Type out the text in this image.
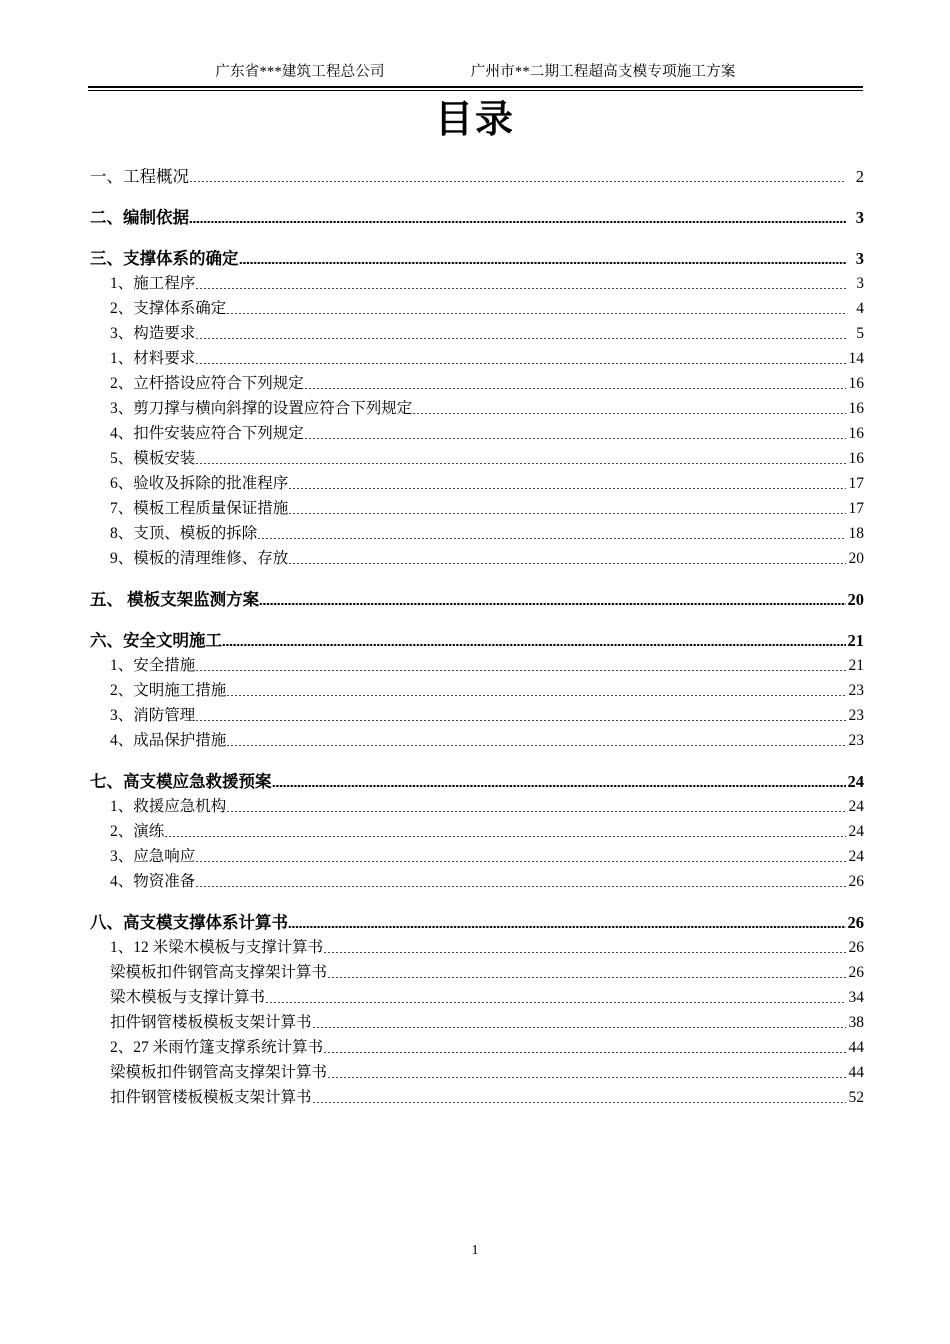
广东省***建筑工程总公司	广州市**二期工程超高支模专项施工方案
目录
一、工程概况	2
二、编制依据	3
三、支撑体系的确定	3
1、施工程序	3
2、支撑体系确定	4
3、构造要求	5
1、材料要求	14
2、立杆搭设应符合下列规定	16
3、剪刀撑与横向斜撑的设置应符合下列规定	16
4、扣件安装应符合下列规定	16
5、模板安装	16
6、验收及拆除的批准程序	17
7、模板工程质量保证措施	17
8、支顶、模板的拆除	18
9、模板的清理维修、存放	20
五、 模板支架监测方案	20
六、安全文明施工	21
1、安全措施	21
2、文明施工措施	23
3、消防管理	23
4、成品保护措施	23
七、高支模应急救援预案	24
1、救援应急机构	24
2、演练	24
3、应急响应	24
4、物资准备	26
八、高支模支撑体系计算书	26
1、12 米梁木模板与支撑计算书	26
梁模板扣件钢管高支撑架计算书	26
梁木模板与支撑计算书	34
扣件钢管楼板模板支架计算书	38
2、27 米雨竹篷支撑系统计算书	44
梁模板扣件钢管高支撑架计算书	44
扣件钢管楼板模板支架计算书	52
1
